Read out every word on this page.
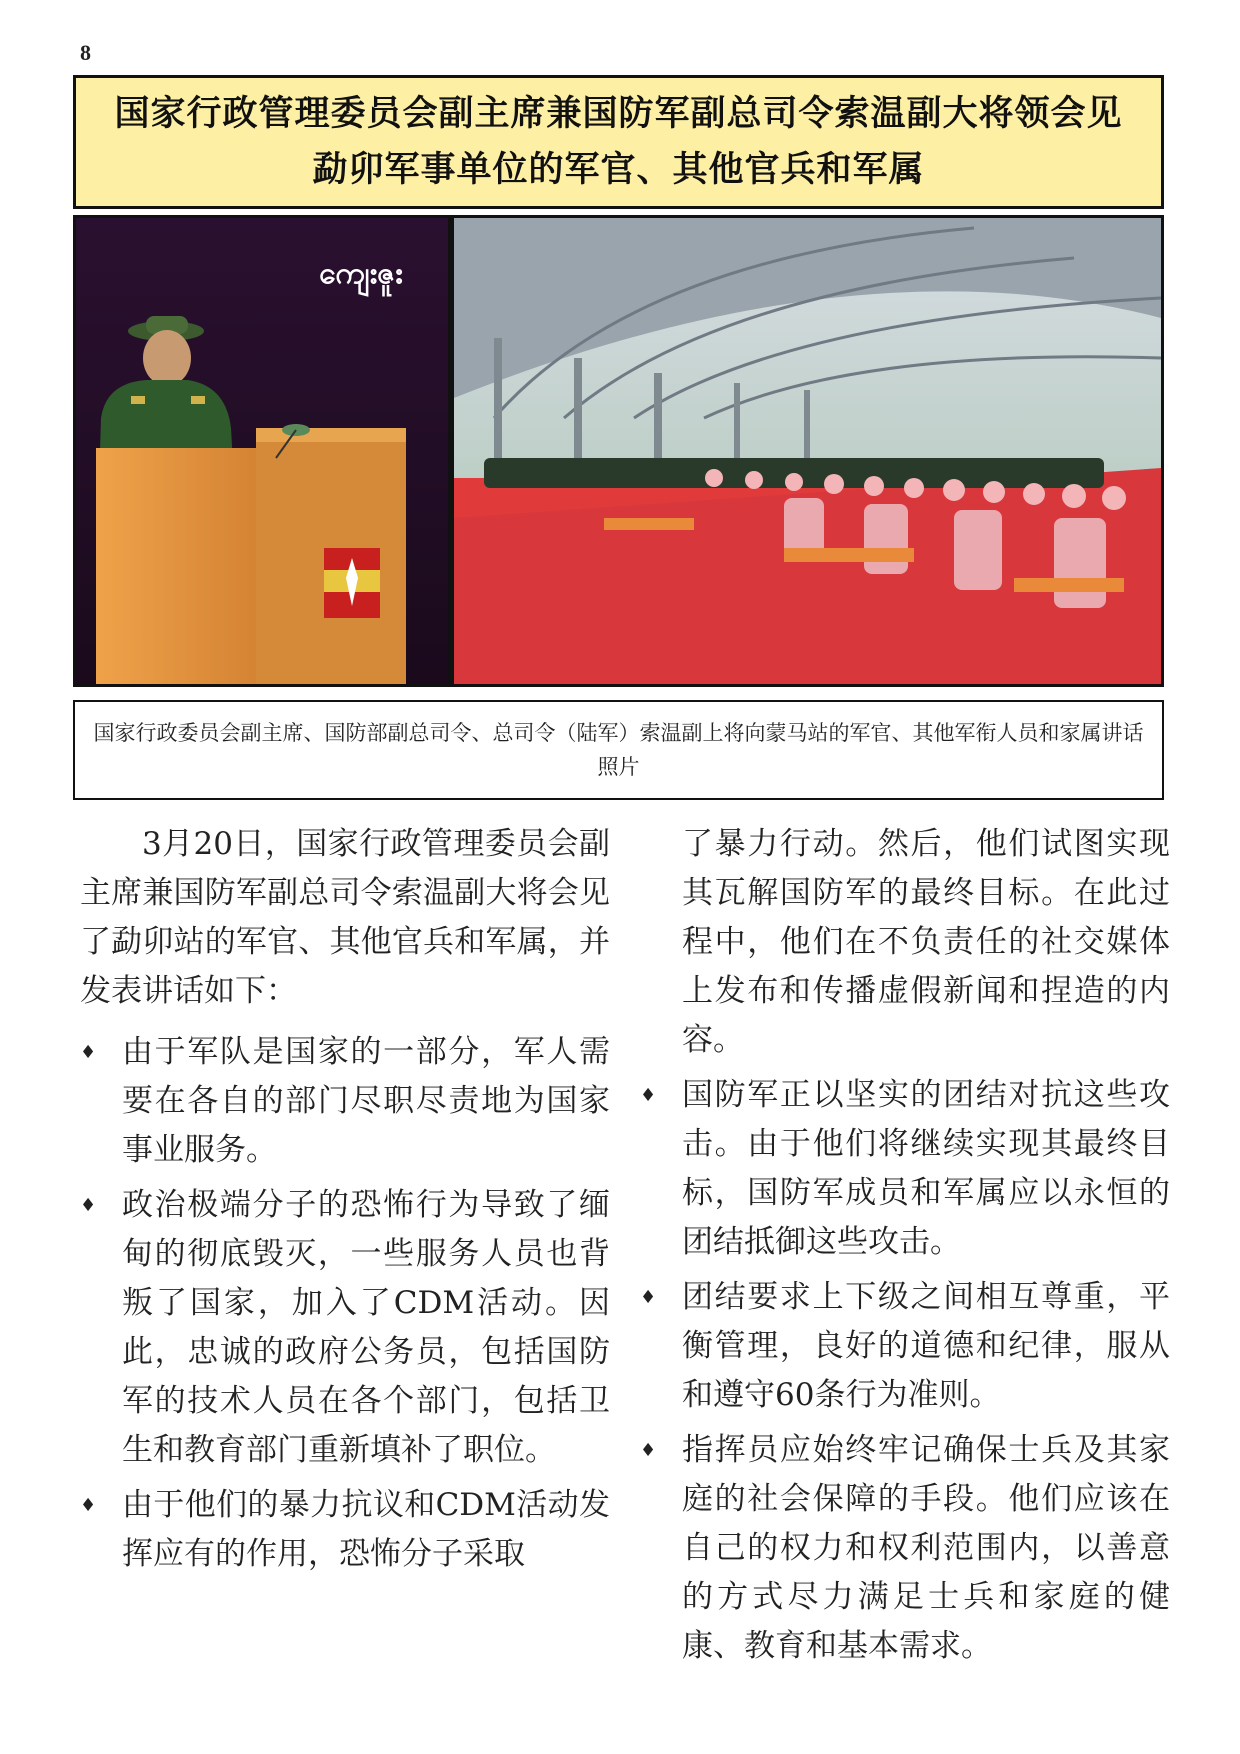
8
国家行政管理委员会副主席兼国防军副总司令索温副大将领会见
勐卯军事单位的军官、其他官兵和军属
ကျေးဇူး
国家行政委员会副主席、国防部副总司令、总司令（陆军）索温副上将向蒙马站的军官、其他军衔人员和家属讲话照片

3月20日，国家行政管理委员会副主席兼国防军副总司令索温副大将会见了勐卯站的军官、其他官兵和军属，并发表讲话如下：

♦ 由于军队是国家的一部分，军人需要在各自的部门尽职尽责地为国家事业服务。
♦ 政治极端分子的恐怖行为导致了缅甸的彻底毁灭，一些服务人员也背叛了国家，加入了CDM活动。因此，忠诚的政府公务员，包括国防军的技术人员在各个部门，包括卫生和教育部门重新填补了职位。
♦ 由于他们的暴力抗议和CDM活动发挥应有的作用，恐怖分子采取

了暴力行动。然后，他们试图实现其瓦解国防军的最终目标。在此过程中，他们在不负责任的社交媒体上发布和传播虚假新闻和捏造的内容。

♦ 国防军正以坚实的团结对抗这些攻击。由于他们将继续实现其最终目标，国防军成员和军属应以永恒的团结抵御这些攻击。
♦ 团结要求上下级之间相互尊重，平衡管理，良好的道德和纪律，服从和遵守60条行为准则。
♦ 指挥员应始终牢记确保士兵及其家庭的社会保障的手段。他们应该在自己的权力和权利范围内，以善意的方式尽力满足士兵和家庭的健康、教育和基本需求。
